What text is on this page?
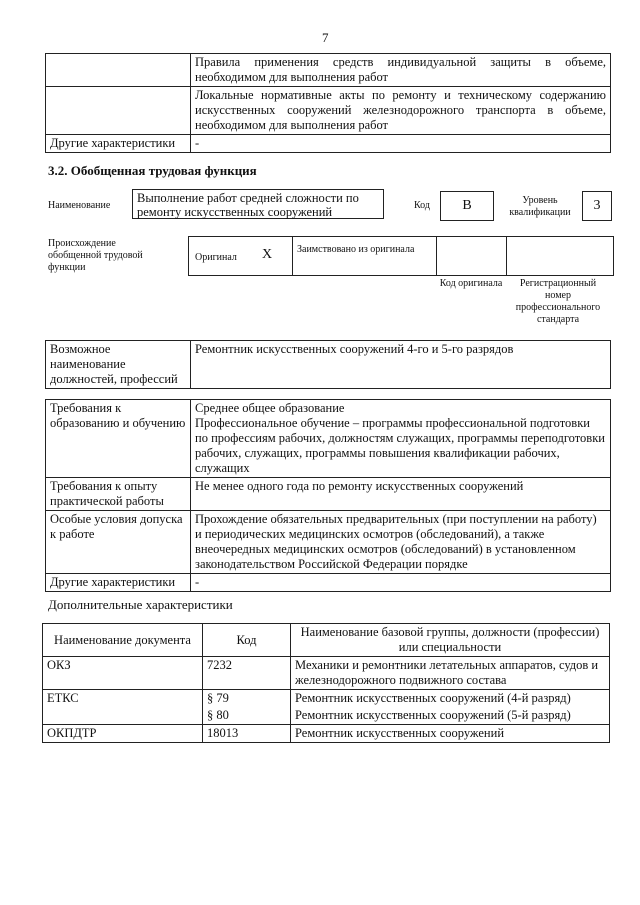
7
	Правила применения средств индивидуальной защиты в объеме, необходимом для выполнения работ
	Локальные нормативные акты по ремонту и техническому содержанию искусственных сооружений железнодорожного транспорта в объеме, необходимом для выполнения работ
Другие характеристики	-
3.2. Обобщенная трудовая функция
Наименование
Выполнение работ средней сложности по ремонту искусственных сооружений	Код	В	Уровень квалификации	3
Происхождение обобщенной трудовой функции
Оригинал X Заимствовано из оригинала
Код оригинала	Регистрационный номер профессионального стандарта
Возможное наименование должностей, профессий	Ремонтник искусственных сооружений 4-го и 5-го разрядов
Требования к образованию и обучению	Среднее общее образование
Профессиональное обучение – программы профессиональной подготовки по профессиям рабочих, должностям служащих, программы переподготовки рабочих, служащих, программы повышения квалификации рабочих, служащих
Требования к опыту практической работы	Не менее одного года по ремонту искусственных сооружений
Особые условия допуска к работе	Прохождение обязательных предварительных (при поступлении на работу) и периодических медицинских осмотров (обследований), а также внеочередных медицинских осмотров (обследований) в установленном законодательством Российской Федерации порядке
Другие характеристики	-
Дополнительные характеристики
Наименование документа	Код	Наименование базовой группы, должности (профессии) или специальности
ОКЗ	7232	Механики и ремонтники летательных аппаратов, судов и железнодорожного подвижного состава
ЕТКС	§ 79	Ремонтник искусственных сооружений (4-й разряд)
	§ 80	Ремонтник искусственных сооружений (5-й разряд)
ОКПДТР	18013	Ремонтник искусственных сооружений
